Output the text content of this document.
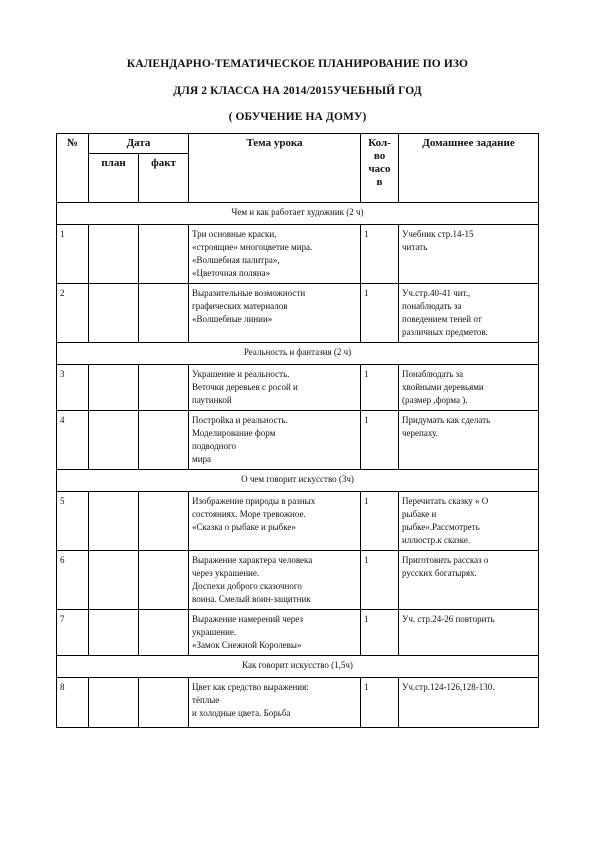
КАЛЕНДАРНО-ТЕМАТИЧЕСКОЕ ПЛАНИРОВАНИЕ ПО ИЗО
ДЛЯ 2 КЛАССА НА 2014/2015УЧЕБНЫЙ ГОД
( ОБУЧЕНИЕ НА ДОМУ)
№	Дата		Тема урока	Кол-
во
часо
в	Домашнее задание
	план	факт			
Чем и как работает художник (2 ч)					
1			Три основные краски,
«строящие» многоцветие мира.
«Волшебная палитра»,
«Цветочная поляна»	1	Учебник стр.14-15
читать
2			Выразительные возможности
графических материалов
«Волшебные линии»	1	Уч.стр.40-41 чит.,
понаблюдать за
поведением теней от
различных предметов.
Реальность и фантазия (2 ч)					
3			Украшение и реальность.
Веточки деревьев с росой и
паутинкой	1	Понаблюдать за
хвойными деревьями
(размер ,форма ).
4			Постройка и реальность.
Моделирование форм
подводного
мира	1	Придумать как сделать
черепаху.
О чем говорит искусство (3ч)					
5			Изображение природы в разных
состояниях. Море тревожное.
«Сказка о рыбаке и рыбке»	1	Перечитать сказку « О
рыбаке и
рыбке».Рассмотреть
иллюстр.к сказке.
6			Выражение характера человека
через украшение.
Доспехи доброго сказочного
воина. Смелый воин-защитник	1	Приготовить рассказ о
русских богатырях.
7			Выражение намерений через
украшение.
«Замок Снежной Королевы»	1	Уч. стр.24-26 повторить
Как говорит искусство (1,5ч)					
8			Цвет как средство выражения:
тёплые
и холодные цвета. Борьба	1	Уч.стр.124-126,128-130.
